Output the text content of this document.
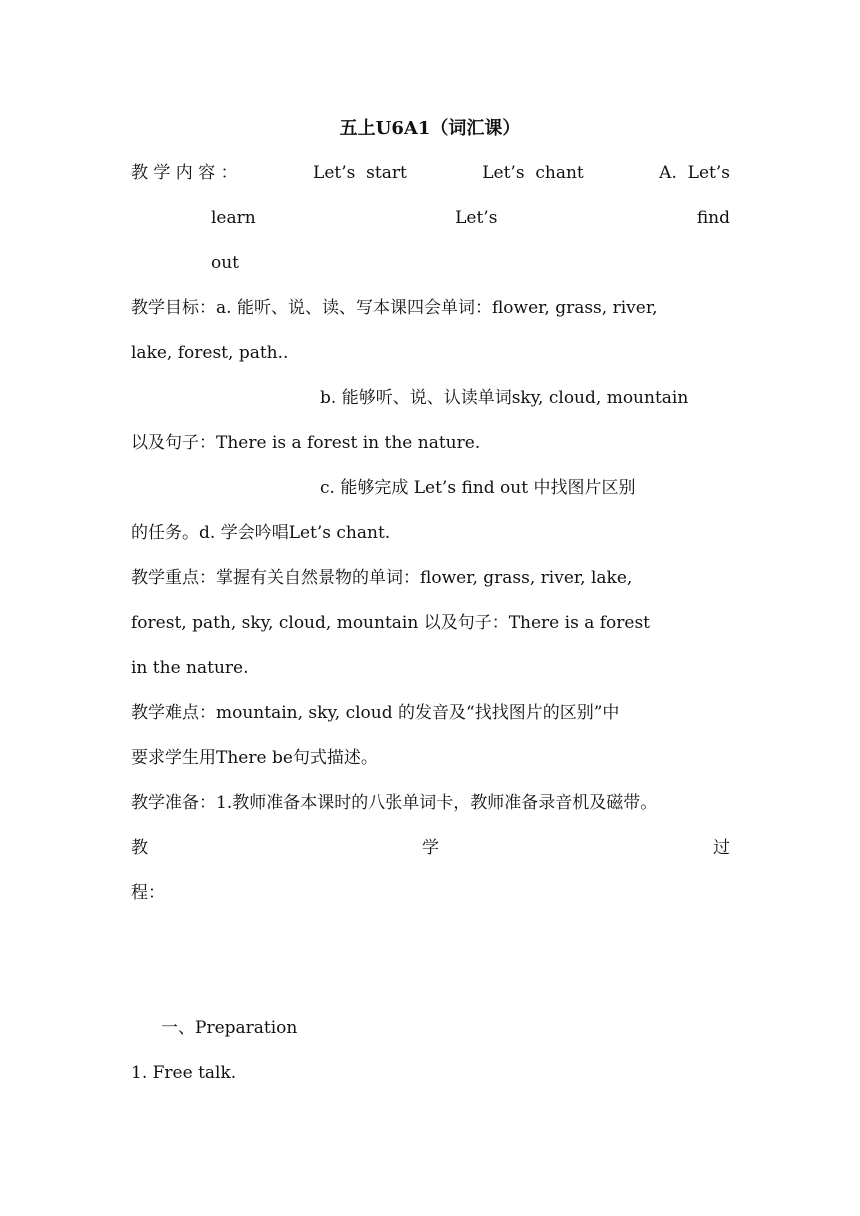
五上U6A1（词汇课）
教 学 内 容 ：	Let’s  start	Let’s  chant	A.  Let’s
learn	Let’s	find
out
教学目标：a. 能听、说、读、写本课四会单词：flower, grass, river,
lake, forest, path..
b. 能够听、说、认读单词sky, cloud, mountain
以及句子：There is a forest in the nature.
c. 能够完成 Let’s find out 中找图片区别
的任务。d. 学会吟唱Let’s chant.
教学重点：掌握有关自然景物的单词：flower, grass, river, lake,
forest, path, sky, cloud, mountain 以及句子：There is a forest
in the nature.
教学难点：mountain, sky, cloud 的发音及“找找图片的区别”中
要求学生用There be句式描述。
教学准备：1.教师准备本课时的八张单词卡，教师准备录音机及磁带。
教	学	过
程：
一、Preparation
1. Free talk.
